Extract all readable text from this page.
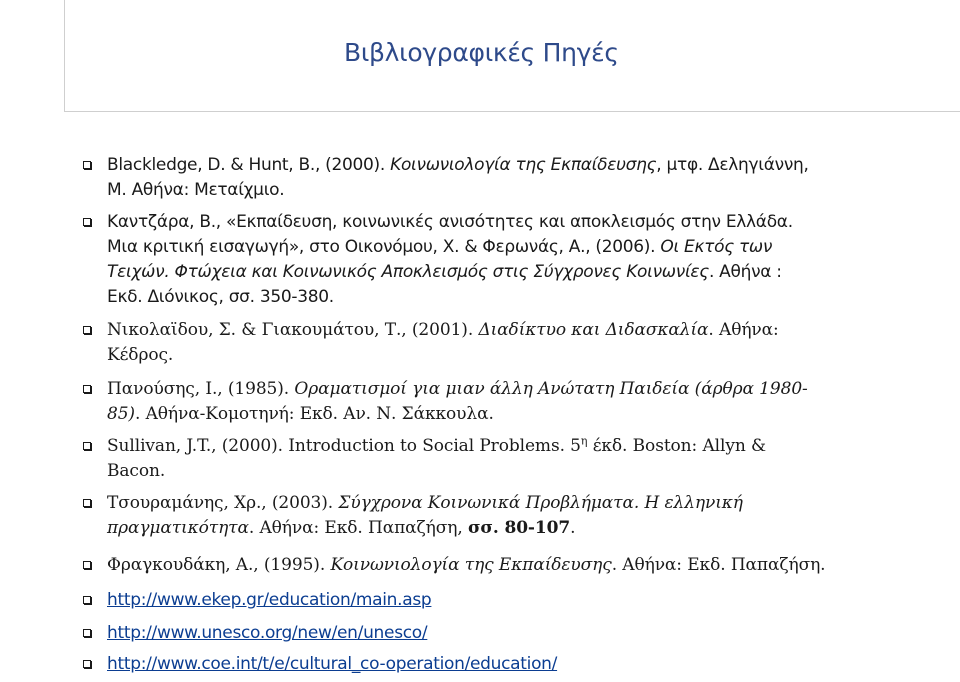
Βιβλιογραφικές Πηγές
Blackledge, D. & Hunt, B., (2000). Κοινωνιολογία της Εκπαίδευσης, μτφ. Δεληγιάννη,
Μ. Αθήνα: Μεταίχμιο.
Καντζάρα, Β., «Εκπαίδευση, κοινωνικές ανισότητες και αποκλεισμός στην Ελλάδα.
Μια κριτική εισαγωγή», στο Οικονόμου, Χ. & Φερωνάς, Α., (2006). Οι Εκτός των
Τειχών. Φτώχεια και Κοινωνικός Αποκλεισμός στις Σύγχρονες Κοινωνίες. Αθήνα :
Εκδ. Διόνικος, σσ. 350-380.
Νικολαϊδου, Σ. & Γιακουμάτου, Τ., (2001). Διαδίκτυο και Διδασκαλία. Αθήνα:
Κέδρος.
Πανούσης, Ι., (1985). Οραματισμοί για μιαν άλλη Ανώτατη Παιδεία (άρθρα 1980-
85). Αθήνα-Κομοτηνή: Εκδ. Αν. Ν. Σάκκουλα.
Sullivan, J.T., (2000). Introduction to Social Problems. $5^\eta$ έκδ. Boston: Allyn &
Bacon.
Τσουραμάνης, Χρ., (2003). Σύγχρονα Κοινωνικά Προβλήματα. Η ελληνική
πραγματικότητα. Αθήνα: Εκδ. Παπαζήση, σσ. 80-107.
Φραγκουδάκη, Α., (1995). Κοινωνιολογία της Εκπαίδευσης. Αθήνα: Εκδ. Παπαζήση.
http://www.ekep.gr/education/main.asp
http://www.unesco.org/new/en/unesco/
http://www.coe.int/t/e/cultural_co-operation/education/
